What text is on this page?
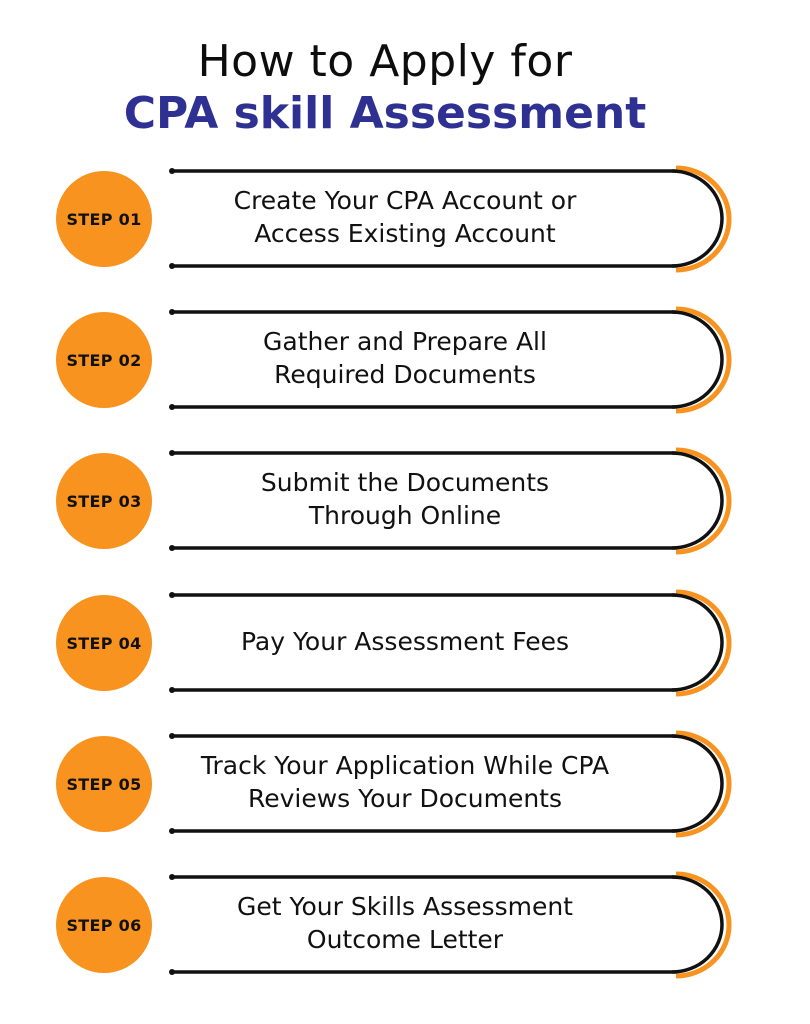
How to Apply for
CPA skill Assessment
STEP 01
Create Your CPA Account or
Access Existing Account
STEP 02
Gather and Prepare All
Required Documents
STEP 03
Submit the Documents
Through Online
STEP 04	Pay Your Assessment Fees
STEP 05
Track Your Application While CPA
Reviews Your Documents
STEP 06
Get Your Skills Assessment
Outcome Letter
